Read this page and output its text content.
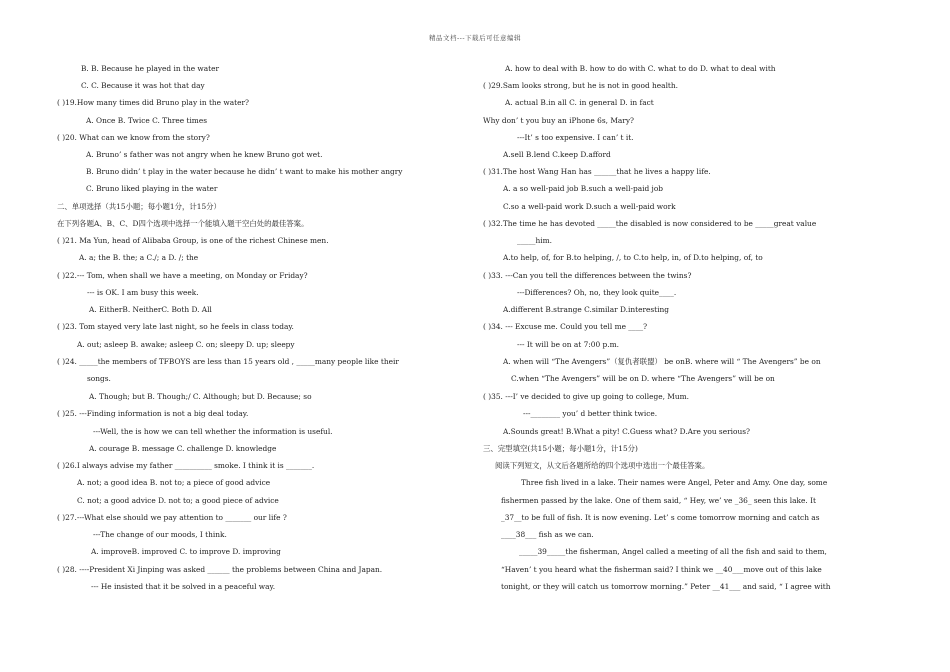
精品文档---下载后可任意编辑
B. B. Because he played in the water
C. C. Because it was hot that day
( )19.How many times did Bruno play in the water?
A. Once B. Twice C. Three times
( )20. What can we know from the story?
A. Bruno’ s father was not angry when he knew Bruno got wet.
B. Bruno didn’ t play in the water because he didn’ t want to make his mother angry
C. Bruno liked playing in the water
二、单项选择（共15小题；每小题1分，计15分）
在下列各题A、B、C、D四个选项中选择一个能填入题干空白处的最佳答案。
( )21. Ma Yun, head of Alibaba Group, is one of the richest Chinese men.
A. a; the B. the; a C./; a D. /; the
( )22.--- Tom, when shall we have a meeting, on Monday or Friday?
--- is OK. I am busy this week.
A. EitherB. NeitherC. Both D. All
( )23. Tom stayed very late last night, so he feels in class today.
A. out; asleep B. awake; asleep C. on; sleepy D. up; sleepy
( )24. _____the members of TFBOYS are less than 15 years old , _____many people like their
songs.
A. Though; but B. Though;/ C. Although; but D. Because; so
( )25. ---Finding information is not a big deal today.
---Well, the is how we can tell whether the information is useful.
A. courage B. message C. challenge D. knowledge
( )26.I always advise my father __________ smoke. I think it is _______.
A. not; a good idea B. not to; a piece of good advice
C. not; a good advice D. not to; a good piece of advice
( )27.---What else should we pay attention to _______ our life ?
---The change of our moods, I think.
A. improveB. improved C. to improve D. improving
( )28. ----President Xi Jinping was asked ______ the problems between China and Japan.
--- He insisted that it be solved in a peaceful way.
A. how to deal with B. how to do with C. what to do D. what to deal with
( )29.Sam looks strong, but he is not in good health.
A. actual B.in all C. in general D. in fact
Why don’ t you buy an iPhone 6s, Mary?
---It’ s too expensive. I can’ t it.
A.sell B.lend C.keep D.afford
( )31.The host Wang Han has ______that he lives a happy life.
A. a so well-paid job B.such a well-paid job
C.so a well-paid work D.such a well-paid work
( )32.The time he has devoted _____the disabled is now considered to be _____great value
_____him.
A.to help, of, for B.to helping, /, to C.to help, in, of D.to helping, of, to
( )33. ---Can you tell the differences between the twins?
---Differences? Oh, no, they look quite____.
A.different B.strange C.similar D.interesting
( )34. --- Excuse me. Could you tell me ____?
--- It will be on at 7:00 p.m.
A. when will “The Avengers”（复仇者联盟） be onB. where will “ The Avengers” be on
C.when “The Avengers” will be on D. where “The Avengers” will be on
( )35. ---I’ ve decided to give up going to college, Mum.
---________ you’ d better think twice.
A.Sounds great! B.What a pity! C.Guess what? D.Are you serious?
三、完型填空(共15小题；每小题1分，计15分)
阅读下列短文，从文后各题所给的四个选项中选出一个最佳答案。
Three fish lived in a lake. Their names were Angel, Peter and Amy. One day, some
fishermen passed by the lake. One of them said, “ Hey, we’ ve _36_ seen this lake. It
_37__to be full of fish. It is now evening. Let’ s come tomorrow morning and catch as
____38___ fish as we can.
_____39_____the fisherman, Angel called a meeting of all the fish and said to them,
“Haven’ t you heard what the fisherman said? I think we __40___move out of this lake
tonight, or they will catch us tomorrow morning.” Peter __41___ and said, “ I agree with
